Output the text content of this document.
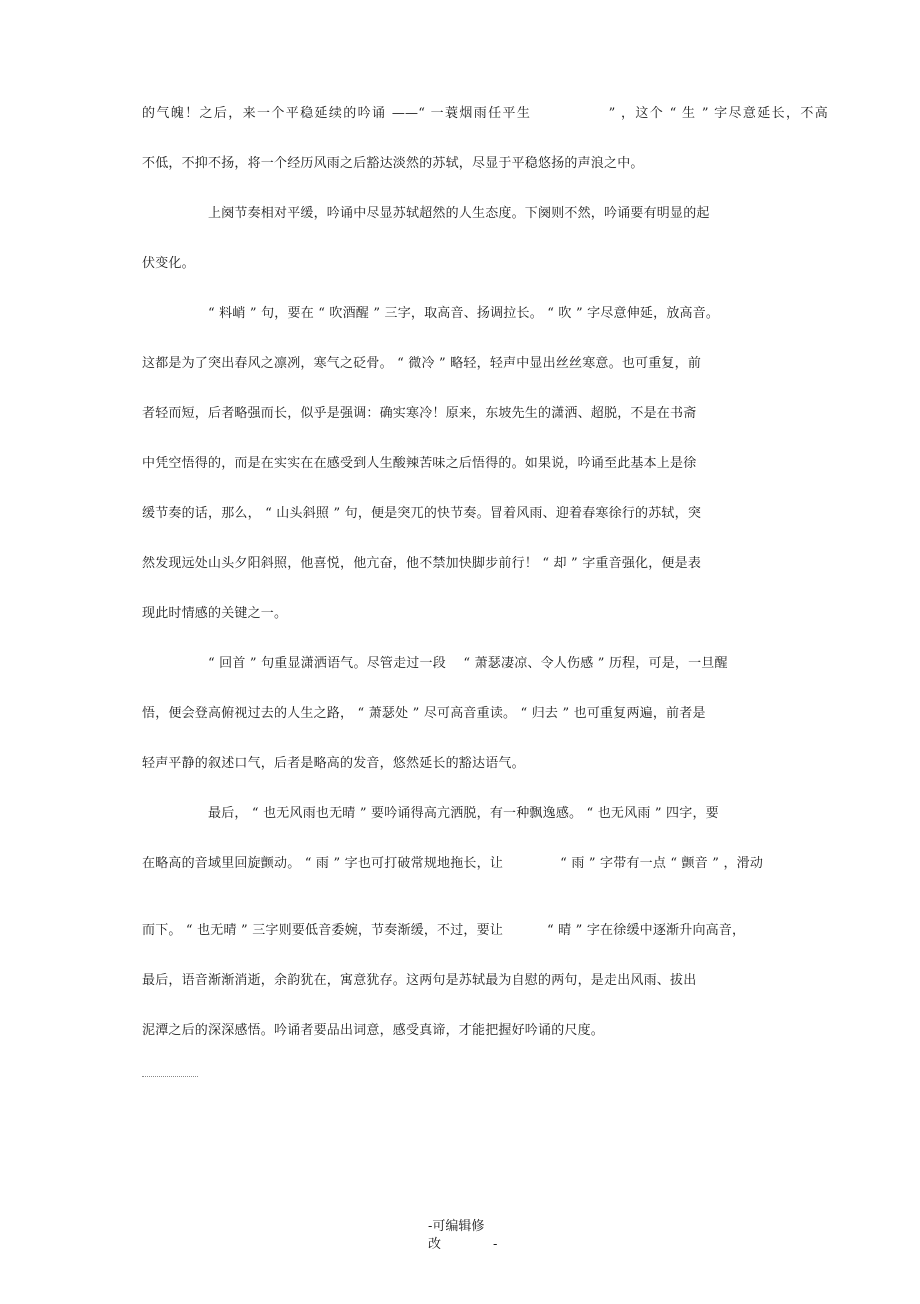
的气魄！之后，来一个平稳延续的吟诵 ——“ 一蓑烟雨任平生　　　　　 ” ，这个 “ 生 ” 字尽意延长，不高
不低，不抑不扬，将一个经历风雨之后豁达淡然的苏轼，尽显于平稳悠扬的声浪之中。
上阕节奏相对平缓，吟诵中尽显苏轼超然的人生态度。下阕则不然，吟诵要有明显的起
伏变化。
“ 料峭 ” 句，要在 “ 吹酒醒 ” 三字，取高音、扬调拉长。 “ 吹 ” 字尽意伸延，放高音。
这都是为了突出春风之凛冽，寒气之砭骨。 “ 微冷 ” 略轻，轻声中显出丝丝寒意。也可重复，前
者轻而短，后者略强而长，似乎是强调：确实寒冷！原来，东坡先生的潇洒、超脱，不是在书斋
中凭空悟得的，而是在实实在在感受到人生酸辣苦味之后悟得的。如果说，吟诵至此基本上是徐
缓节奏的话，那么， “ 山头斜照 ” 句，便是突兀的快节奏。冒着风雨、迎着春寒徐行的苏轼，突
然发现远处山头夕阳斜照，他喜悦，他亢奋，他不禁加快脚步前行！ “ 却 ” 字重音强化，便是表
现此时情感的关键之一。
“ 回首 ” 句重显潇洒语气。尽管走过一段　 “ 萧瑟凄凉、令人伤感 ” 历程，可是，一旦醒
悟，便会登高俯视过去的人生之路， “ 萧瑟处 ” 尽可高音重读。 “ 归去 ” 也可重复两遍，前者是
轻声平静的叙述口气，后者是略高的发音，悠然延长的豁达语气。
最后， “ 也无风雨也无晴 ” 要吟诵得高亢洒脱，有一种飘逸感。 “ 也无风雨 ” 四字，要
在略高的音域里回旋颤动。 “ 雨 ” 字也可打破常规地拖长，让　　　　 “ 雨 ” 字带有一点 “ 颤音 ” ，滑动
而下。 “ 也无晴 ” 三字则要低音委婉，节奏渐缓，不过，要让　　　 “ 晴 ” 字在徐缓中逐渐升向高音，
最后，语音渐渐消逝，余韵犹在，寓意犹存。这两句是苏轼最为自慰的两句，是走出风雨、拔出
泥潭之后的深深感悟。吟诵者要品出词意，感受真谛，才能把握好吟诵的尺度。
-可编辑修
改　　　　-
